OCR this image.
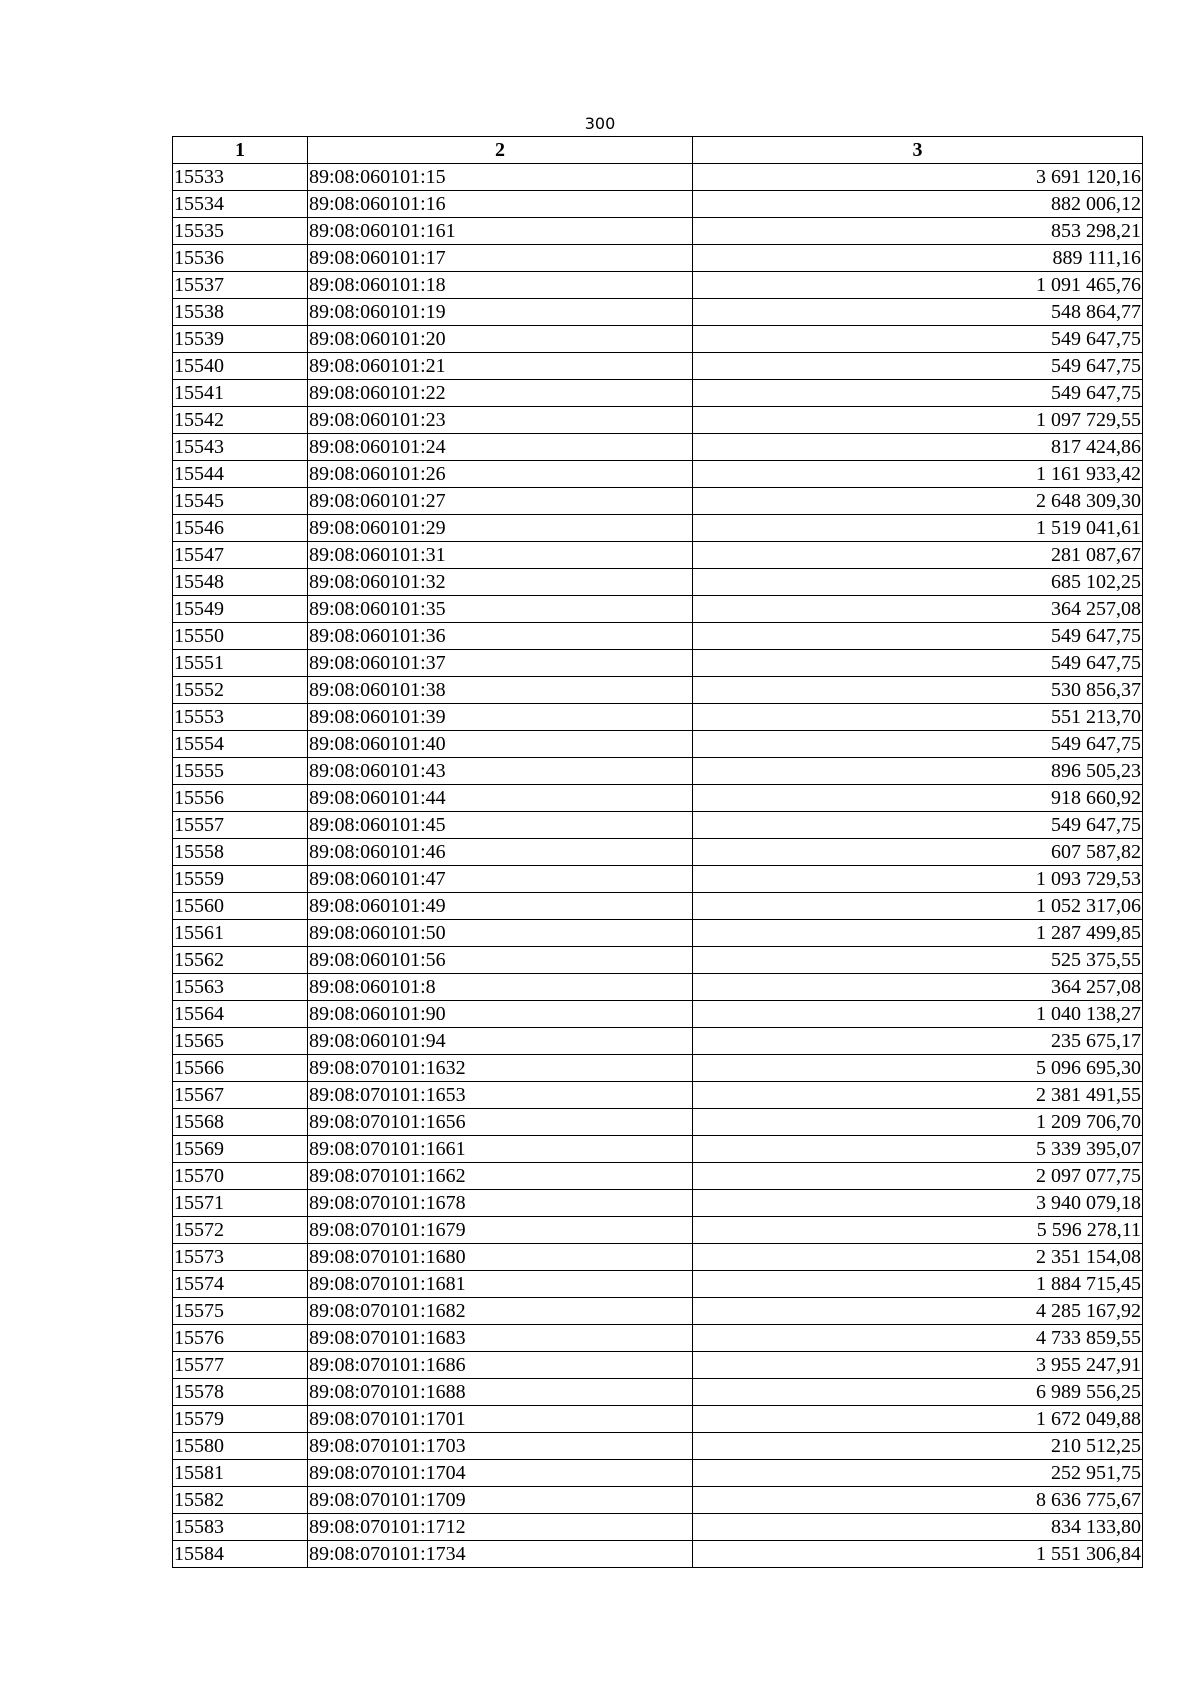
300
1	2	3
15533	89:08:060101:15	3 691 120,16
15534	89:08:060101:16	882 006,12
15535	89:08:060101:161	853 298,21
15536	89:08:060101:17	889 111,16
15537	89:08:060101:18	1 091 465,76
15538	89:08:060101:19	548 864,77
15539	89:08:060101:20	549 647,75
15540	89:08:060101:21	549 647,75
15541	89:08:060101:22	549 647,75
15542	89:08:060101:23	1 097 729,55
15543	89:08:060101:24	817 424,86
15544	89:08:060101:26	1 161 933,42
15545	89:08:060101:27	2 648 309,30
15546	89:08:060101:29	1 519 041,61
15547	89:08:060101:31	281 087,67
15548	89:08:060101:32	685 102,25
15549	89:08:060101:35	364 257,08
15550	89:08:060101:36	549 647,75
15551	89:08:060101:37	549 647,75
15552	89:08:060101:38	530 856,37
15553	89:08:060101:39	551 213,70
15554	89:08:060101:40	549 647,75
15555	89:08:060101:43	896 505,23
15556	89:08:060101:44	918 660,92
15557	89:08:060101:45	549 647,75
15558	89:08:060101:46	607 587,82
15559	89:08:060101:47	1 093 729,53
15560	89:08:060101:49	1 052 317,06
15561	89:08:060101:50	1 287 499,85
15562	89:08:060101:56	525 375,55
15563	89:08:060101:8	364 257,08
15564	89:08:060101:90	1 040 138,27
15565	89:08:060101:94	235 675,17
15566	89:08:070101:1632	5 096 695,30
15567	89:08:070101:1653	2 381 491,55
15568	89:08:070101:1656	1 209 706,70
15569	89:08:070101:1661	5 339 395,07
15570	89:08:070101:1662	2 097 077,75
15571	89:08:070101:1678	3 940 079,18
15572	89:08:070101:1679	5 596 278,11
15573	89:08:070101:1680	2 351 154,08
15574	89:08:070101:1681	1 884 715,45
15575	89:08:070101:1682	4 285 167,92
15576	89:08:070101:1683	4 733 859,55
15577	89:08:070101:1686	3 955 247,91
15578	89:08:070101:1688	6 989 556,25
15579	89:08:070101:1701	1 672 049,88
15580	89:08:070101:1703	210 512,25
15581	89:08:070101:1704	252 951,75
15582	89:08:070101:1709	8 636 775,67
15583	89:08:070101:1712	834 133,80
15584	89:08:070101:1734	1 551 306,84
